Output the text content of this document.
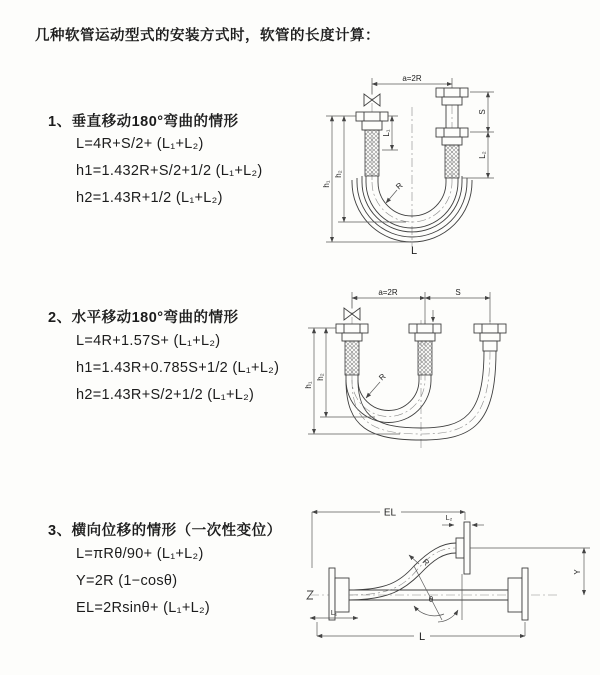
几种软管运动型式的安装方式时，软管的长度计算：
1、垂直移动180°弯曲的情形
L=4R+S/2+ (L₁+L₂)
h1=1.432R+S/2+1/2 (L₁+L₂)
h2=1.43R+1/2 (L₁+L₂)
2、水平移动180°弯曲的情形
L=4R+1.57S+ (L₁+L₂)
h1=1.43R+0.785S+1/2 (L₁+L₂)
h2=1.43R+S/2+1/2 (L₁+L₂)
3、横向位移的情形（一次性变位）
L=πRθ/90+ (L₁+L₂)
Y=2R (1−cosθ)
EL=2Rsinθ+ (L₁+L₂)
a=2R
h₁
h₂
L₁
S
L₂
R
L
a=2R	S
h₁
h₂	R
θ
EL	L₂
Y
L₁
L
R
